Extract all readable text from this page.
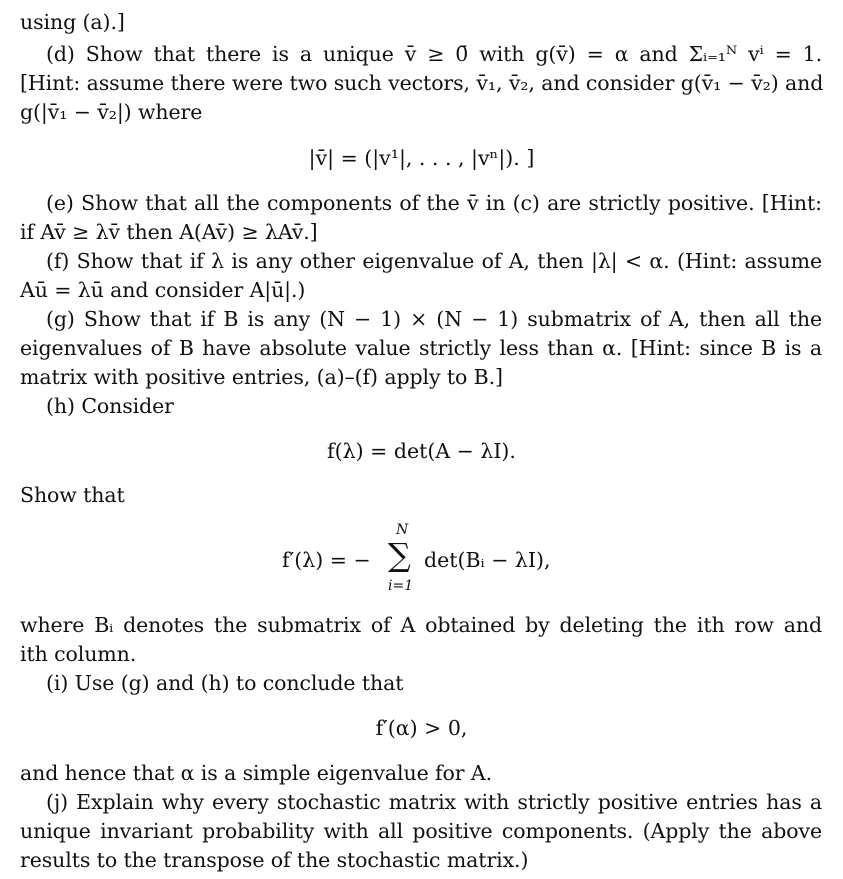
using (a).]
(d) Show that there is a unique v̄ ≥ 0̄ with g(v̄) = α and Σᵢ₌₁ᴺ vⁱ = 1.
[Hint: assume there were two such vectors, v̄₁, v̄₂, and consider g(v̄₁ − v̄₂) and
g(|v̄₁ − v̄₂|) where
|v̄| = (|v¹|, . . . , |vⁿ|). ]
(e) Show that all the components of the v̄ in (c) are strictly positive. [Hint:
if Av̄ ≥ λv̄ then A(Av̄) ≥ λAv̄.]
(f) Show that if λ is any other eigenvalue of A, then |λ| < α. (Hint: assume
Aū = λū and consider A|ū|.)
(g) Show that if B is any (N − 1) × (N − 1) submatrix of A, then all the
eigenvalues of B have absolute value strictly less than α. [Hint: since B is a
matrix with positive entries, (a)–(f) apply to B.]
(h) Consider
f(λ) = det(A − λI).
Show that
f′(λ) = −
N
∑
i=1
det(Bᵢ − λI),
where Bᵢ denotes the submatrix of A obtained by deleting the ith row and
ith column.
(i) Use (g) and (h) to conclude that
f′(α) > 0,
and hence that α is a simple eigenvalue for A.
(j) Explain why every stochastic matrix with strictly positive entries has a
unique invariant probability with all positive components. (Apply the above
results to the transpose of the stochastic matrix.)
